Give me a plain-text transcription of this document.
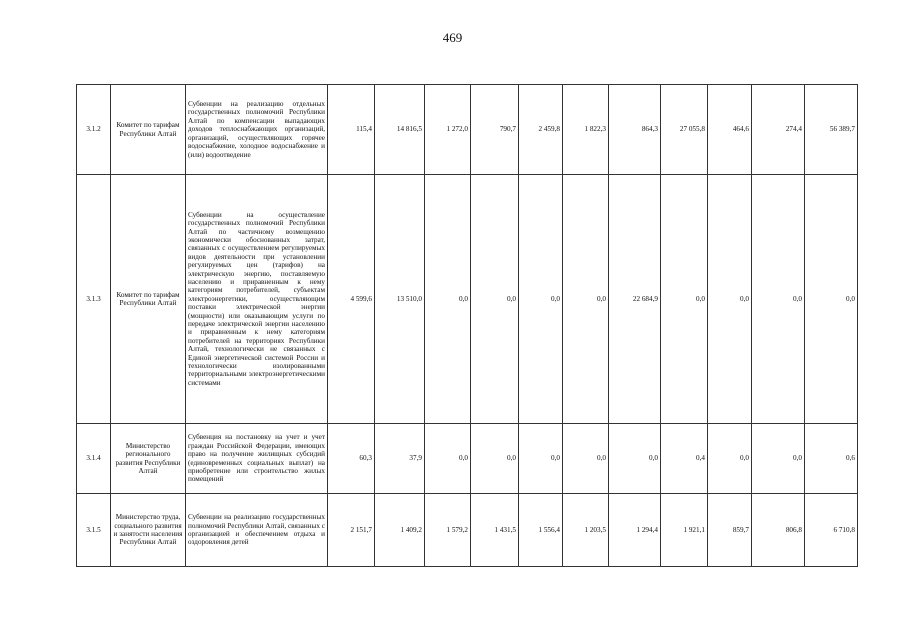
469
3.1.2	Комитет по тарифам Республики Алтай	Субвенции на реализацию отдельных государственных полномочий Республики Алтай по компенсации выпадающих доходов теплоснабжающих организаций, организаций, осуществляющих горячее водоснабжение, холодное водоснабжение и (или) водоотведение	115,4	14 816,5	1 272,0	790,7	2 459,8	1 822,3	864,3	27 055,8	464,6	274,4	56 389,7	
3.1.3	Комитет по тарифам Республики Алтай	Субвенции на осуществление государственных полномочий Республики Алтай по частичному возмещению экономически обоснованных затрат, связанных с осуществлением регулируемых видов деятельности при установлении регулируемых цен (тарифов) на электрическую энергию, поставляемую населению и приравненным к нему категориям потребителей, субъектам электроэнергетики, осуществляющим поставки электрической энергии (мощности) или оказывающим услуги по передаче электрической энергии населению и приравненным к нему категориям потребителей на территориях Республики Алтай, технологически не связанных с Единой энергетической системой России и технологически изолированными территориальными электроэнергетическими системами	4 599,6	13 510,0	0,0	0,0	0,0	0,0	22 684,9	0,0	0,0	0,0	0,0	
3.1.4	Министерство регионального развития Республики Алтай	Субвенция на постановку на учет и учет граждан Российской Федерации, имеющих право на получение жилищных субсидий (единовременных социальных выплат) на приобретение или строительство жилых помещений	60,3	37,9	0,0	0,0	0,0	0,0	0,0	0,4	0,0	0,0	0,6	
3.1.5	Министерство труда, социального развития и занятости населения Республики Алтай	Субвенции на реализацию государственных полномочий Республики Алтай, связанных с организацией и обеспечением отдыха и оздоровления детей	2 151,7	1 409,2	1 579,2	1 431,5	1 556,4	1 203,5	1 294,4	1 921,1	859,7	806,8	6 710,8	
